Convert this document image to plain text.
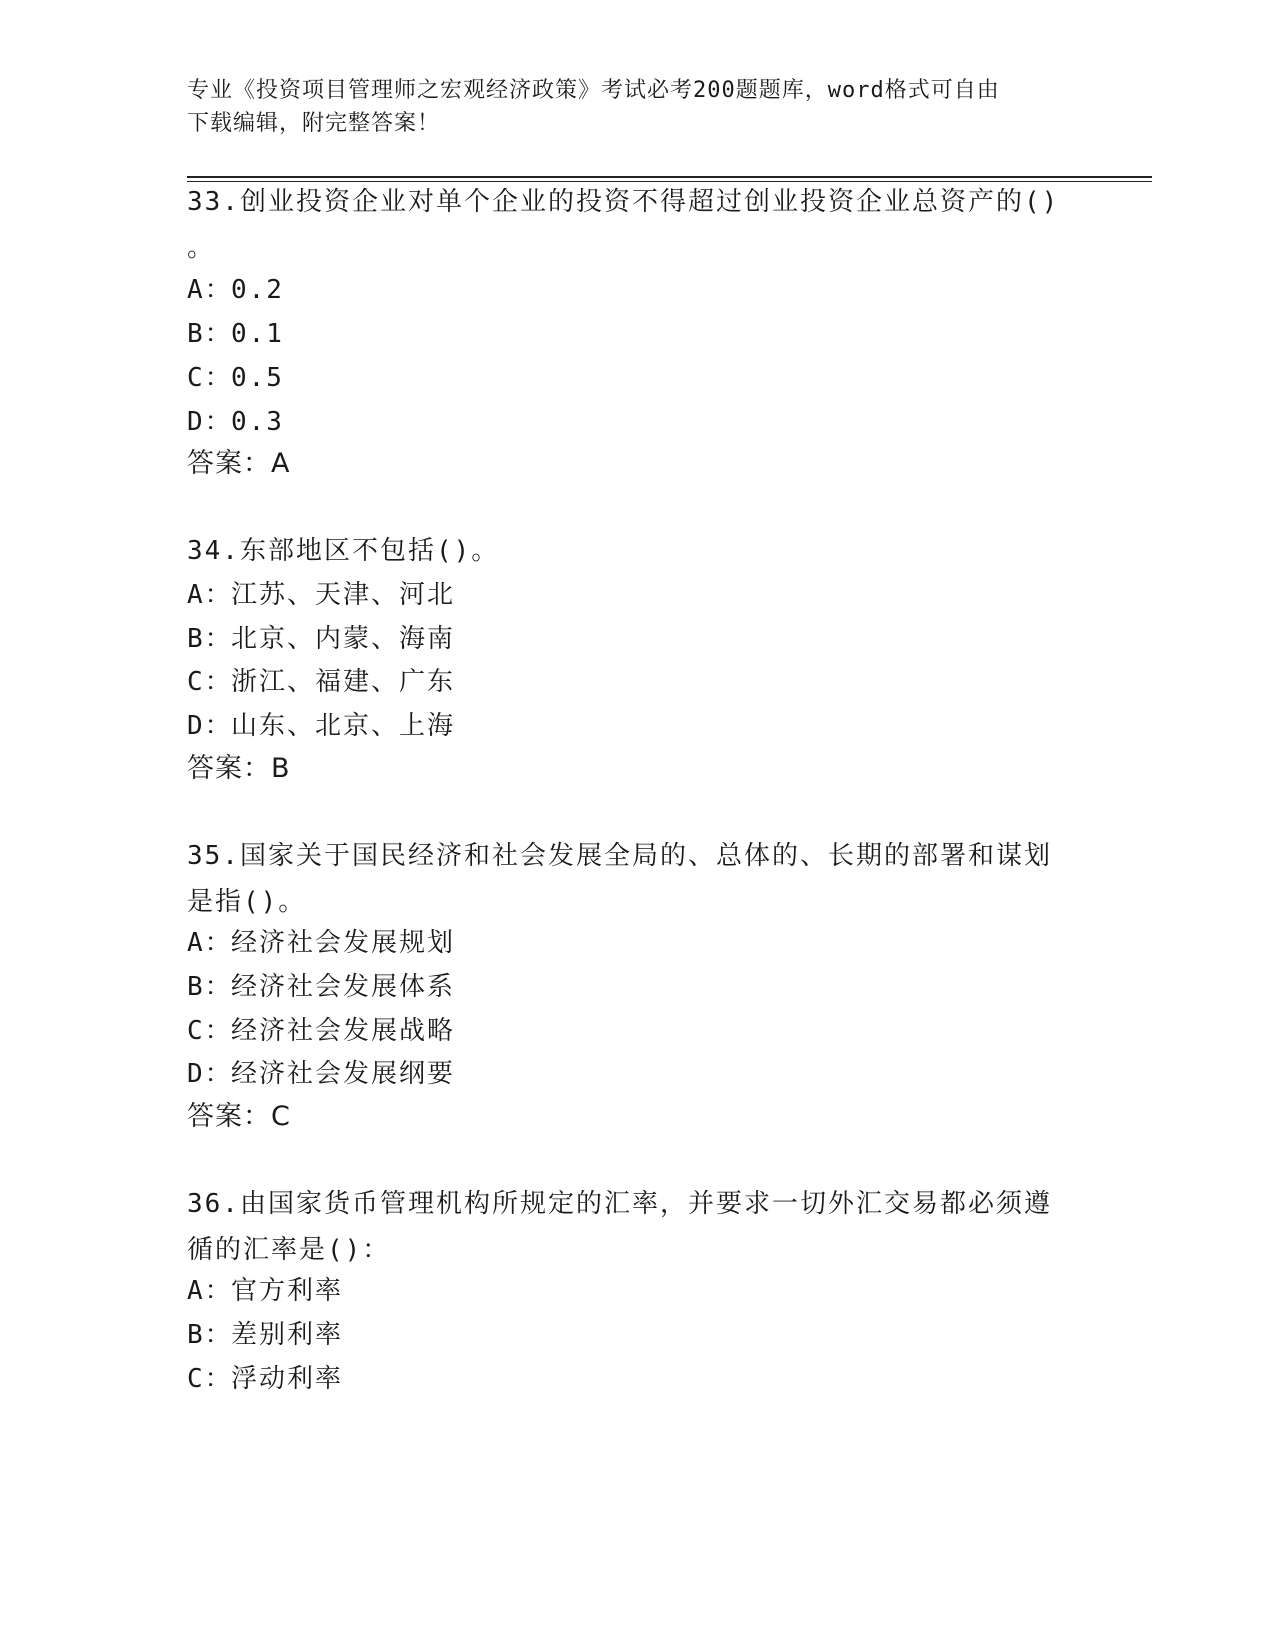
专业《投资项目管理师之宏观经济政策》考试必考200题题库，word格式可自由
下载编辑，附完整答案！
33.创业投资企业对单个企业的投资不得超过创业投资企业总资产的()
。
A：0.2
B：0.1
C：0.5
D：0.3
答案：A
34.东部地区不包括()。
A：江苏、天津、河北
B：北京、内蒙、海南
C：浙江、福建、广东
D：山东、北京、上海
答案：B
35.国家关于国民经济和社会发展全局的、总体的、长期的部署和谋划
是指()。
A：经济社会发展规划
B：经济社会发展体系
C：经济社会发展战略
D：经济社会发展纲要
答案：C
36.由国家货币管理机构所规定的汇率，并要求一切外汇交易都必须遵
循的汇率是()：
A：官方利率
B：差别利率
C：浮动利率
